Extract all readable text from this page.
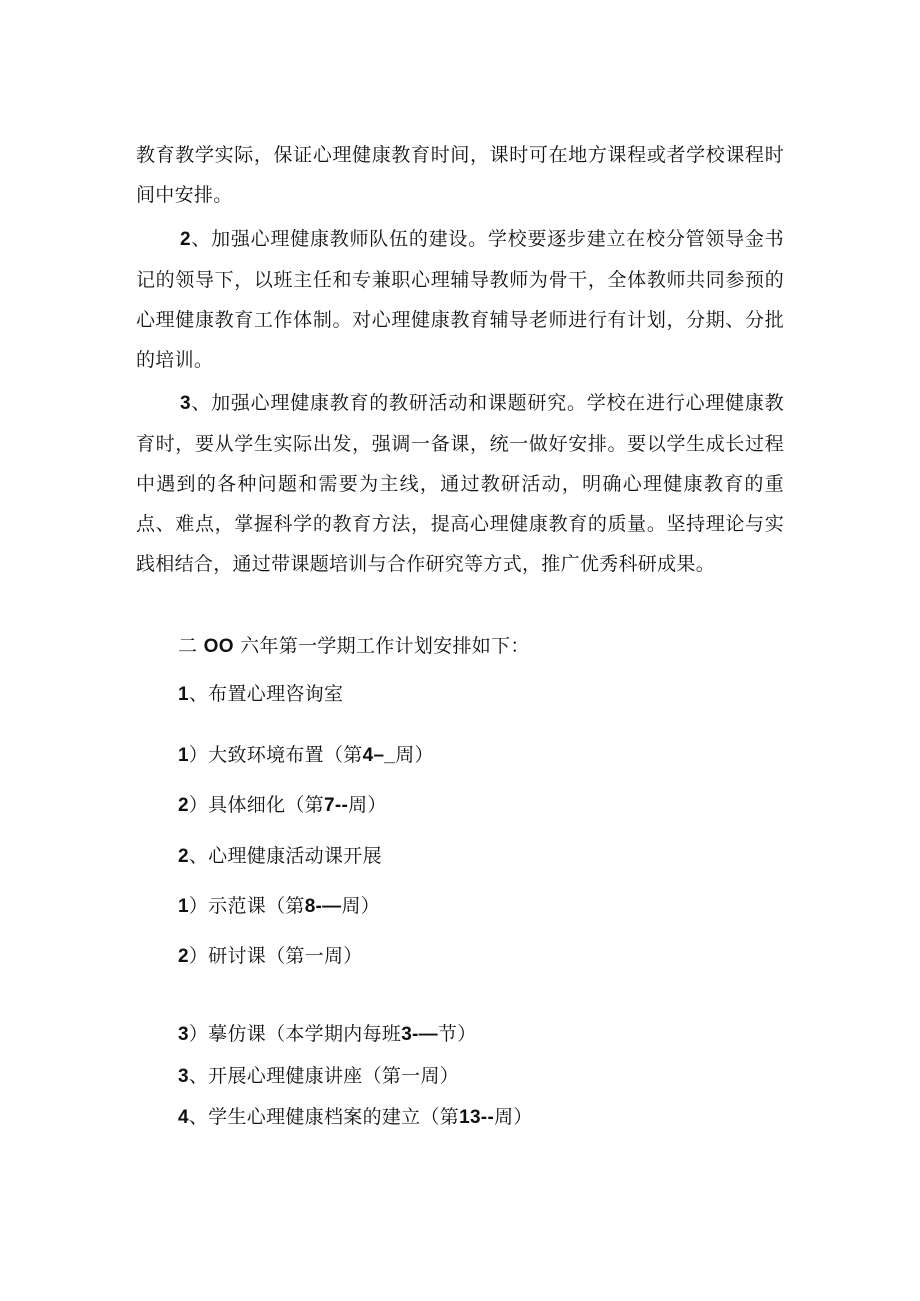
教育教学实际，保证心理健康教育时间，课时可在地方课程或者学校课程时间中安排。

2、加强心理健康教师队伍的建设。学校要逐步建立在校分管领导金书记的领导下，以班主任和专兼职心理辅导教师为骨干，全体教师共同参预的心理健康教育工作体制。对心理健康教育辅导老师进行有计划，分期、分批的培训。

3、加强心理健康教育的教研活动和课题研究。学校在进行心理健康教育时，要从学生实际出发，强调一备课，统一做好安排。要以学生成长过程中遇到的各种问题和需要为主线，通过教研活动，明确心理健康教育的重点、难点，掌握科学的教育方法，提高心理健康教育的质量。坚持理论与实践相结合，通过带课题培训与合作研究等方式，推广优秀科研成果。

二 OO 六年第一学期工作计划安排如下：

1、布置心理咨询室

1）大致环境布置（第4–_周）

2）具体细化（第7--周）

2、心理健康活动课开展

1）示范课（第8-—周）

2）研讨课（第一周）

3）摹仿课（本学期内每班3-—节）

3、开展心理健康讲座（第一周）

4、学生心理健康档案的建立（第13--周）
